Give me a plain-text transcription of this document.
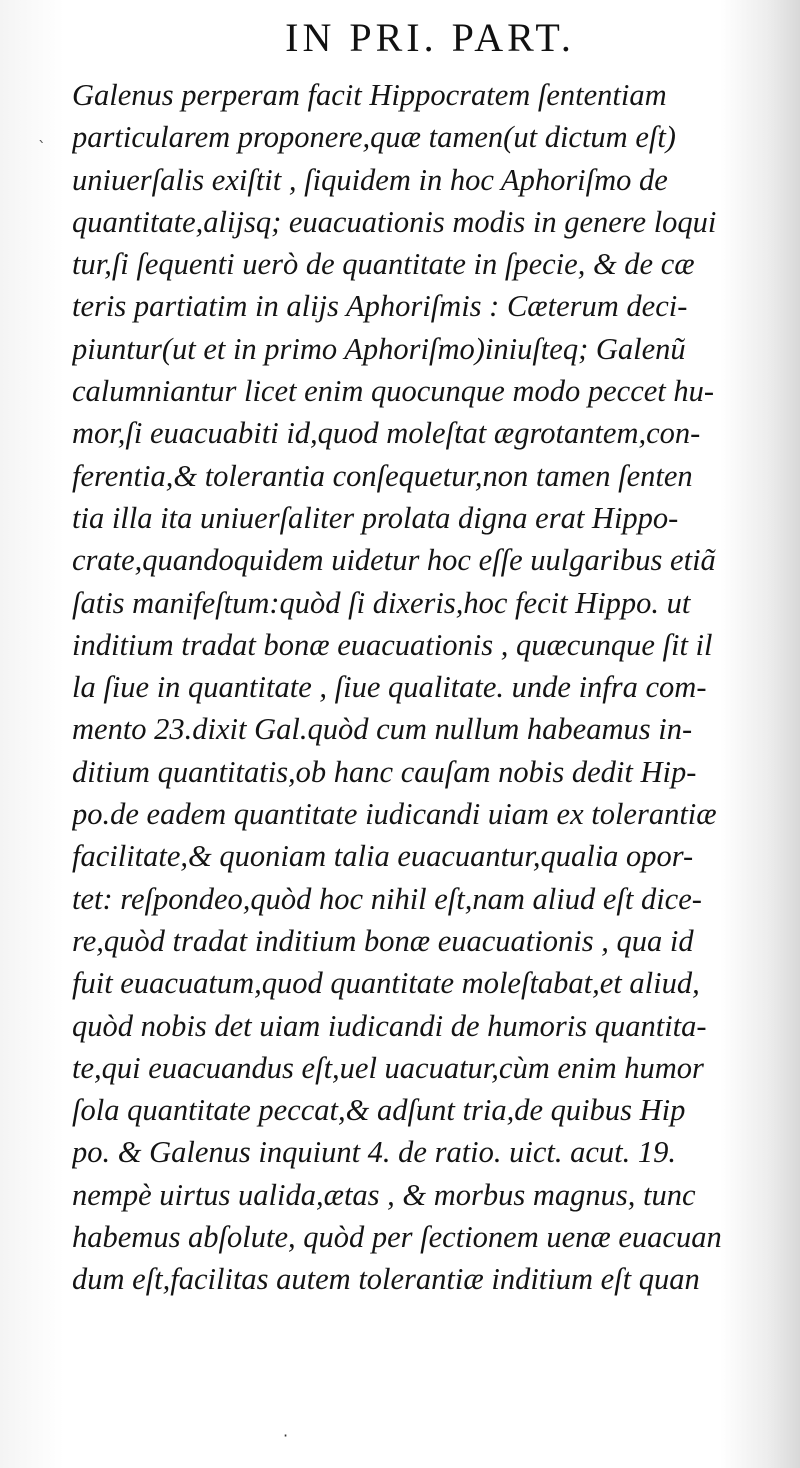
IN PRI. PART.
`
Galenus perperam facit Hippocratem ſententiam
particularem proponere,quæ tamen(ut dictum eſt)
uniuerſalis exiſtit , ſiquidem in hoc Aphoriſmo de
quantitate,alijsq; euacuationis modis in genere loqui
tur,ſi ſequenti uerò de quantitate in ſpecie, & de cæ
teris partiatim in alijs Aphoriſmis : Cæterum deci-
piuntur(ut et in primo Aphoriſmo)iniuſteq; Galenũ
calumniantur licet enim quocunque modo peccet hu-
mor,ſi euacuabiti id,quod moleſtat ægrotantem,con-
ferentia,& tolerantia conſequetur,non tamen ſenten
tia illa ita uniuerſaliter prolata digna erat Hippo-
crate,quandoquidem uidetur hoc eſſe uulgaribus etiã
ſatis manifeſtum:quòd ſi dixeris,hoc fecit Hippo. ut
inditium tradat bonæ euacuationis , quæcunque ſit il
la ſiue in quantitate , ſiue qualitate. unde infra com-
mento 23.dixit Gal.quòd cum nullum habeamus in-
ditium quantitatis,ob hanc cauſam nobis dedit Hip-
po.de eadem quantitate iudicandi uiam ex tolerantiæ
facilitate,& quoniam talia euacuantur,qualia opor-
tet: reſpondeo,quòd hoc nihil eſt,nam aliud eſt dice-
re,quòd tradat inditium bonæ euacuationis , qua id
fuit euacuatum,quod quantitate moleſtabat,et aliud,
quòd nobis det uiam iudicandi de humoris quantita-
te,qui euacuandus eſt,uel uacuatur,cùm enim humor
ſola quantitate peccat,& adſunt tria,de quibus Hip
po. & Galenus inquiunt 4. de ratio. uict. acut. 19.
nempè uirtus ualida,ætas , & morbus magnus, tunc
habemus abſolute, quòd per ſectionem uenæ euacuan
dum eſt,facilitas autem tolerantiæ inditium eſt quan
·
